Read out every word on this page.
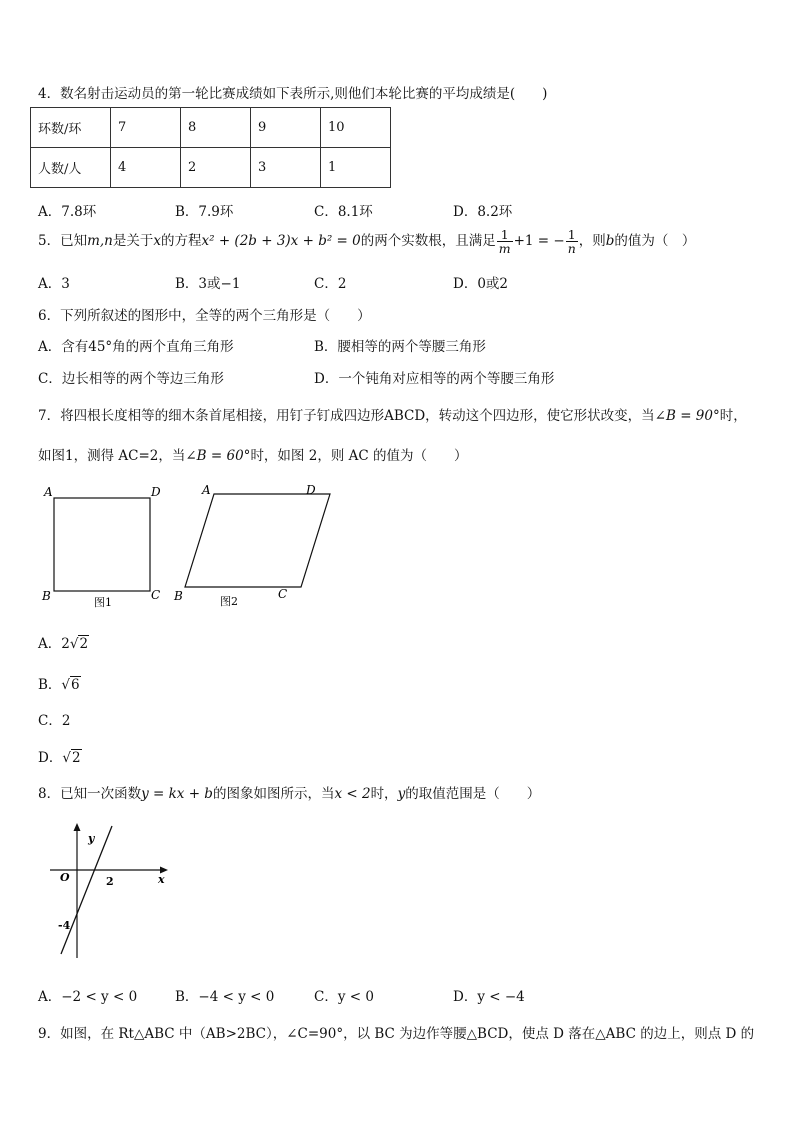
4．数名射击运动员的第一轮比赛成绩如下表所示,则他们本轮比赛的平均成绩是(　　)
环数/环	7	8	9	10
人数/人	4	2	3	1
A．7.8环	B．7.9环	C．8.1环	D．8.2环
5．已知m,n是关于x的方程x² + (2b + 3)x + b² = 0的两个实数根，且满足 $\frac{1}{m} +1$ = − $\frac{1}{n}$ ，则b的值为（　）
A．3	B．3或−1	C．2	D．0或2
6．下列所叙述的图形中，全等的两个三角形是（　　）
A．含有45°角的两个直角三角形	B．腰相等的两个等腰三角形
C．边长相等的两个等边三角形	D．一个钝角对应相等的两个等腰三角形
7．将四根长度相等的细木条首尾相接，用钉子钉成四边形ABCD，转动这个四边形，使它形状改变，当∠B = 90°时，
如图1，测得 AC=2，当∠B = 60°时，如图 2，则 AC 的值为（　　）
A	D
B	C
图1
A	D
B	C
图2
A．2√2
B．√6
C．2
D．√2
8．已知一次函数y = kx + b的图象如图所示，当x < 2时，y的取值范围是（　　）
y
x
O	2
-4
A．−2 < y < 0	B．−4 < y < 0	C．y < 0	D．y < −4
9．如图，在 Rt△ABC 中（AB>2BC），∠C=90°，以 BC 为边作等腰△BCD，使点 D 落在△ABC 的边上，则点 D 的
